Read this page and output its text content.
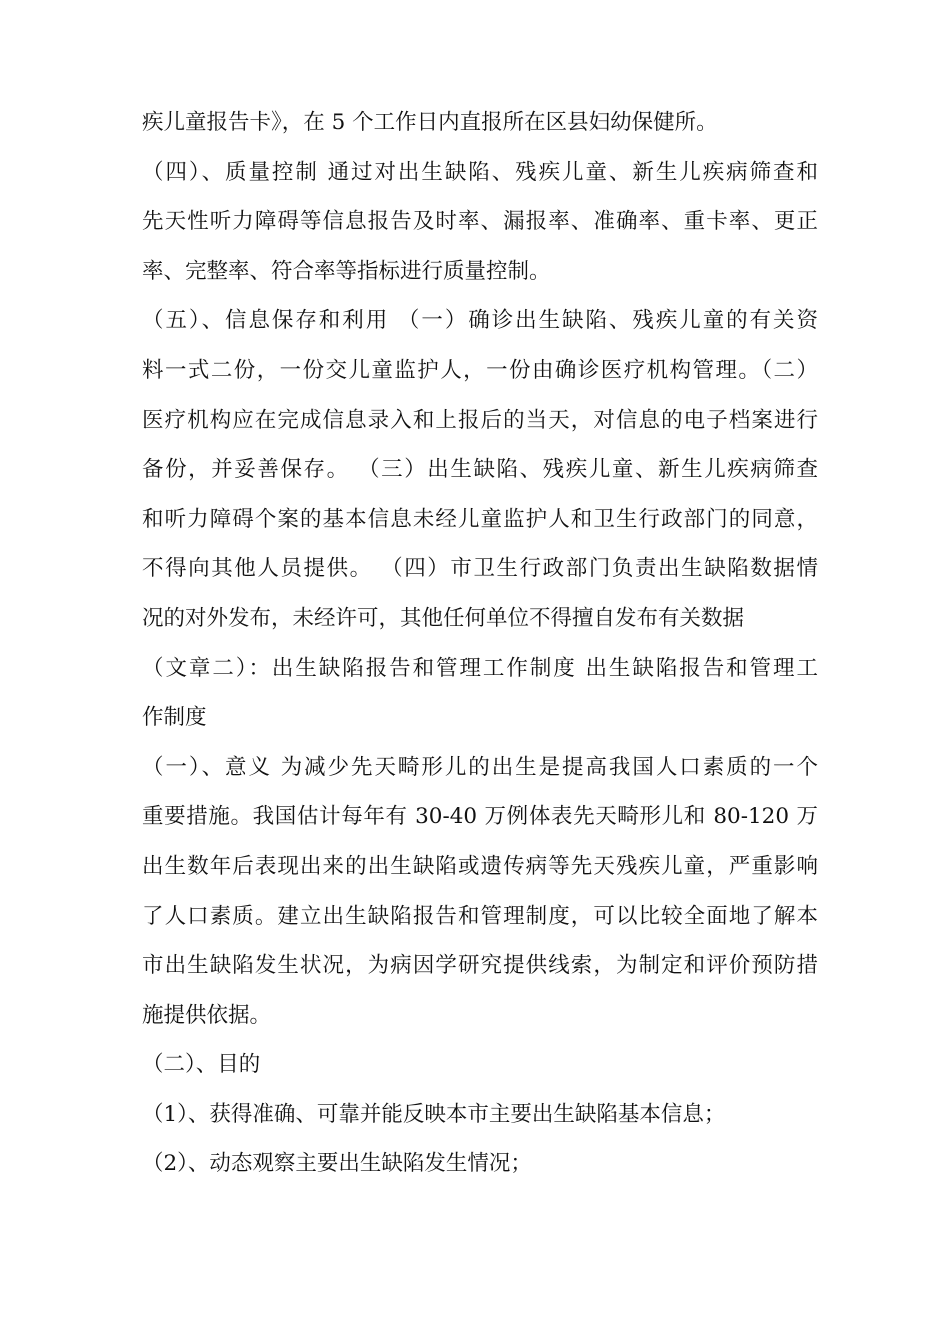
疾儿童报告卡》，在 5 个工作日内直报所在区县妇幼保健所。
（四）、质量控制 通过对出生缺陷、残疾儿童、新生儿疾病筛查和
先天性听力障碍等信息报告及时率、漏报率、准确率、重卡率、更正
率、完整率、符合率等指标进行质量控制。
（五）、信息保存和利用 （一）确诊出生缺陷、残疾儿童的有关资
料一式二份，一份交儿童监护人，一份由确诊医疗机构管理。（二）
医疗机构应在完成信息录入和上报后的当天，对信息的电子档案进行
备份，并妥善保存。 （三）出生缺陷、残疾儿童、新生儿疾病筛查
和听力障碍个案的基本信息未经儿童监护人和卫生行政部门的同意，
不得向其他人员提供。 （四）市卫生行政部门负责出生缺陷数据情
况的对外发布，未经许可，其他任何单位不得擅自发布有关数据
（文章二）：出生缺陷报告和管理工作制度 出生缺陷报告和管理工
作制度
（一）、意义 为减少先天畸形儿的出生是提高我国人口素质的一个
重要措施。我国估计每年有 30-40 万例体表先天畸形儿和 80-120 万
出生数年后表现出来的出生缺陷或遗传病等先天残疾儿童，严重影响
了人口素质。建立出生缺陷报告和管理制度，可以比较全面地了解本
市出生缺陷发生状况，为病因学研究提供线索，为制定和评价预防措
施提供依据。
（二）、目的
（1）、获得准确、可靠并能反映本市主要出生缺陷基本信息；
（2）、动态观察主要出生缺陷发生情况；
